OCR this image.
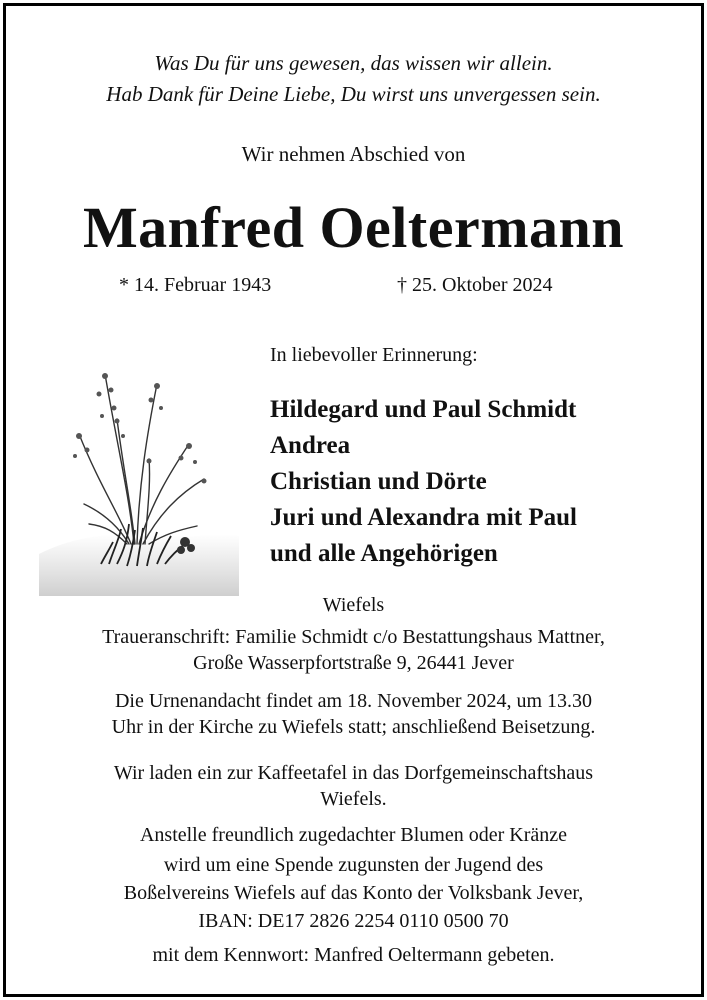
Was Du für uns gewesen, das wissen wir allein.
Hab Dank für Deine Liebe, Du wirst uns unvergessen sein.
Wir nehmen Abschied von
Manfred Oeltermann
* 14. Februar 1943	† 25. Oktober 2024
In liebevoller Erinnerung:
Hildegard und Paul Schmidt
Andrea
Christian und Dörte
Juri und Alexandra mit Paul
und alle Angehörigen
Wiefels
Traueranschrift: Familie Schmidt c/o Bestattungshaus Mattner,
Große Wasserpfortstraße 9, 26441 Jever
Die Urnenandacht findet am 18. November 2024, um 13.30
Uhr in der Kirche zu Wiefels statt; anschließend Beisetzung.
Wir laden ein zur Kaffeetafel in das Dorfgemeinschaftshaus
Wiefels.
Anstelle freundlich zugedachter Blumen oder Kränze
wird um eine Spende zugunsten der Jugend des
Boßelvereins Wiefels auf das Konto der Volksbank Jever,
IBAN: DE17 2826 2254 0110 0500 70
mit dem Kennwort: Manfred Oeltermann gebeten.
